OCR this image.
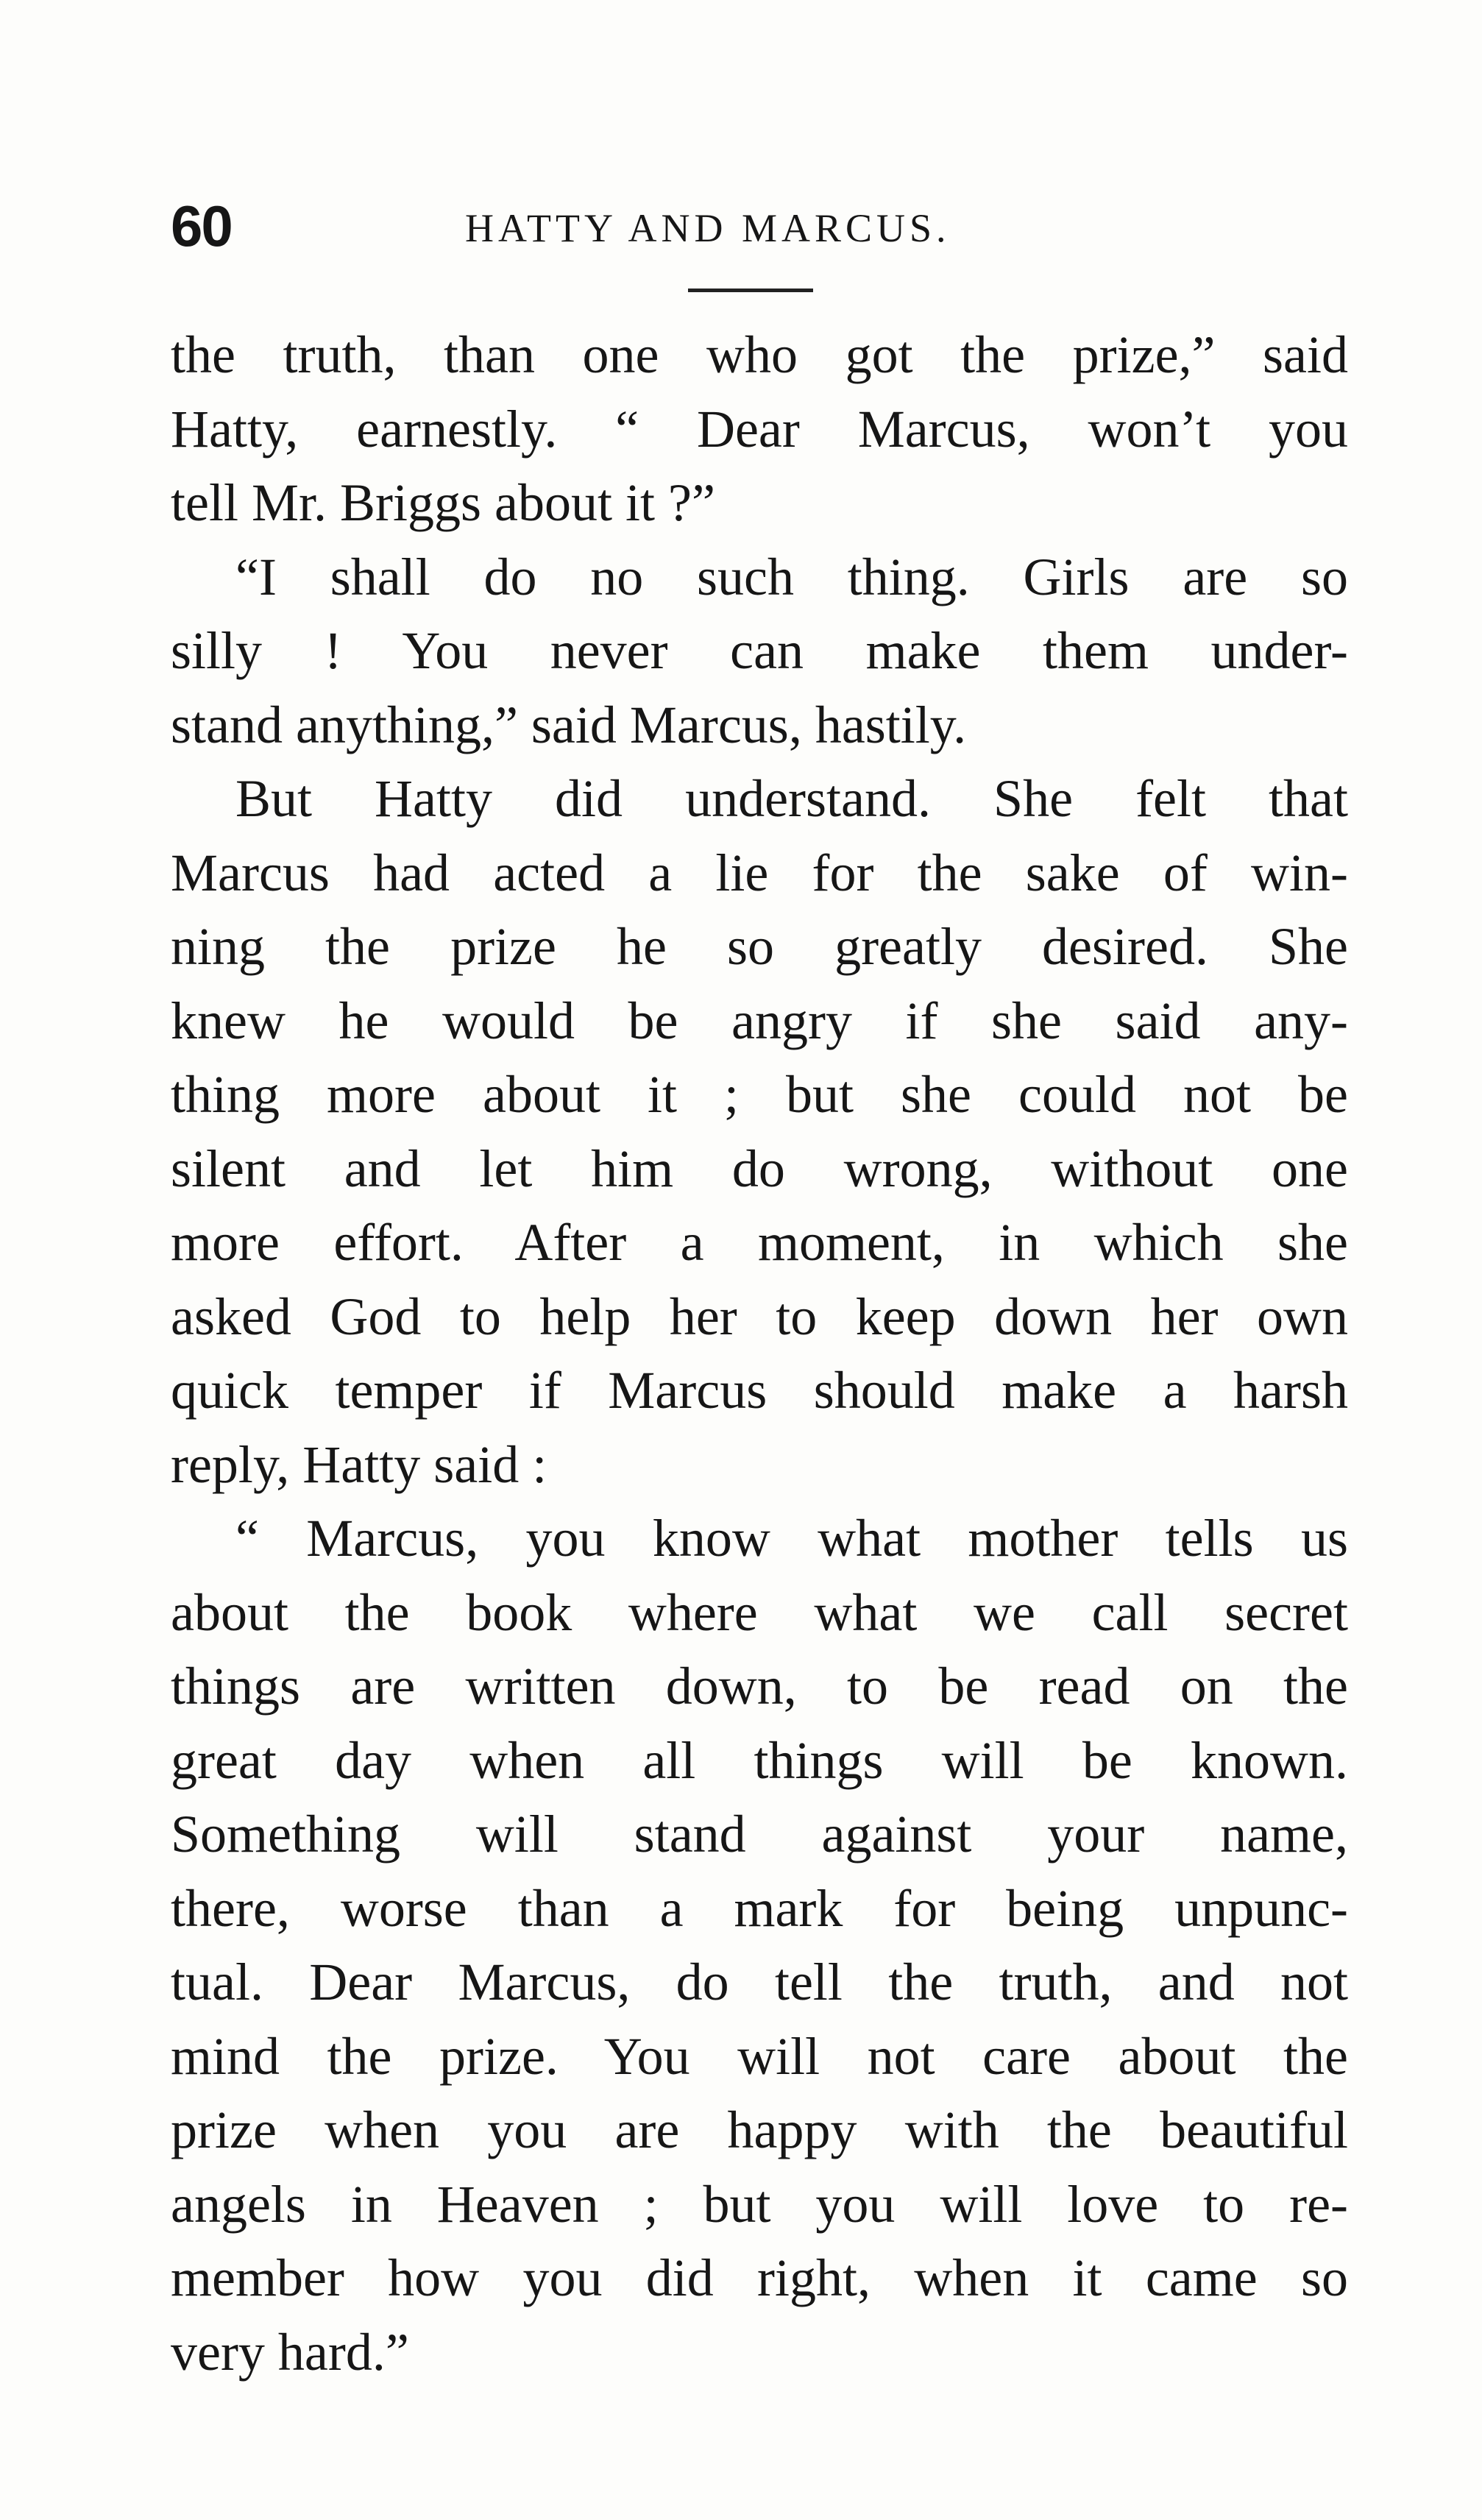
60	HATTY AND MARCUS.
the truth, than one who got the prize,” said
Hatty, earnestly. “ Dear Marcus, won’t you
tell Mr. Briggs about it ?”
“I shall do no such thing. Girls are so
silly ! You never can make them under-
stand anything,” said Marcus, hastily.
But Hatty did understand. She felt that
Marcus had acted a lie for the sake of win-
ning the prize he so greatly desired. She
knew he would be angry if she said any-
thing more about it ; but she could not be
silent and let him do wrong, without one
more effort. After a moment, in which she
asked God to help her to keep down her own
quick temper if Marcus should make a harsh
reply, Hatty said :
“ Marcus, you know what mother tells us
about the book where what we call secret
things are written down, to be read on the
great day when all things will be known.
Something will stand against your name,
there, worse than a mark for being unpunc-
tual. Dear Marcus, do tell the truth, and not
mind the prize. You will not care about the
prize when you are happy with the beautiful
angels in Heaven ; but you will love to re-
member how you did right, when it came so
very hard.”
